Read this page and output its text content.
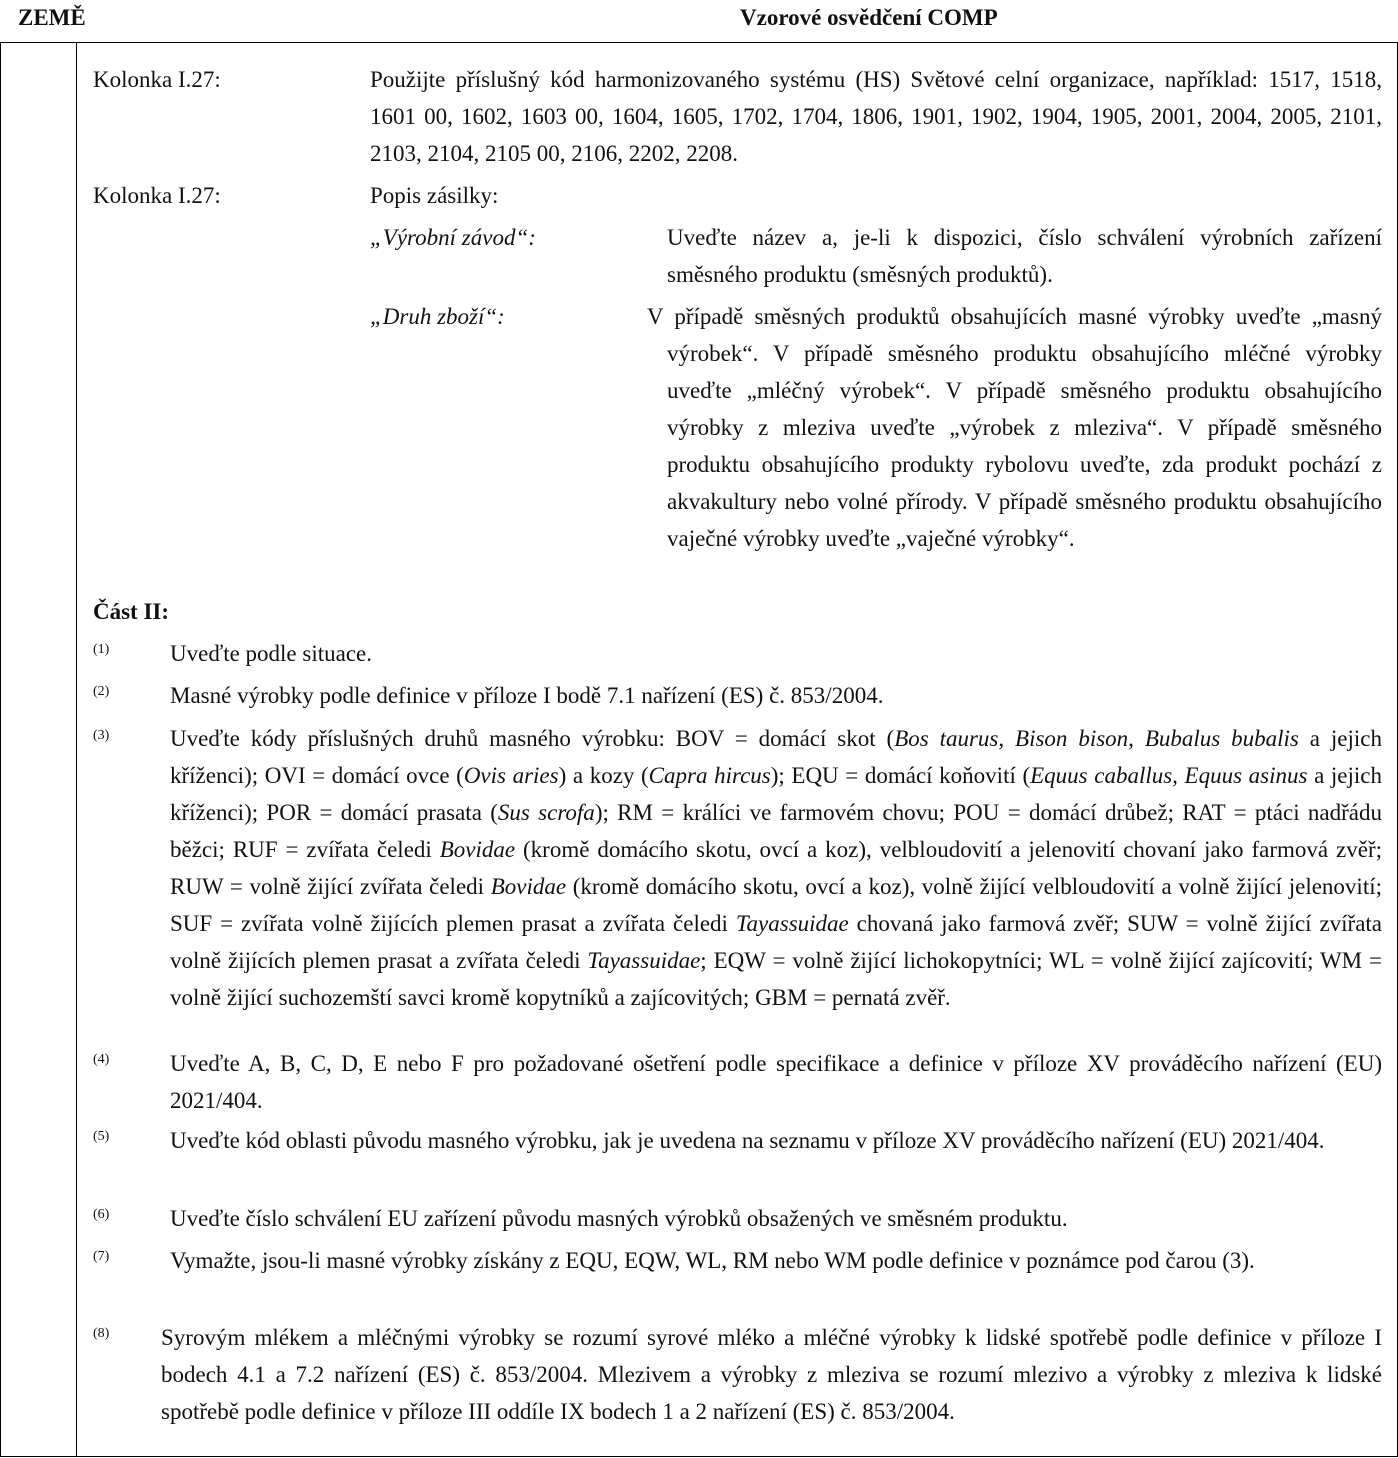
ZEMĚ	Vzorové osvědčení COMP
Kolonka I.27:	Použijte příslušný kód harmonizovaného systému (HS) Světové celní organizace, například: 1517, 1518, 1601 00, 1602, 1603 00, 1604, 1605, 1702, 1704, 1806, 1901, 1902, 1904, 1905, 2001, 2004, 2005, 2101, 2103, 2104, 2105 00, 2106, 2202, 2208.
Kolonka I.27:	Popis zásilky:
„Výrobní závod“:	Uveďte název a, je-li k dispozici, číslo schválení výrobních zařízení směsného produktu (směsných produktů).
„Druh zboží“:	V případě směsných produktů obsahujících masné výrobky uveďte „masný výrobek“. V případě směsného produktu obsahujícího mléčné výrobky uveďte „mléčný výrobek“. V případě směsného produktu obsahujícího výrobky z mleziva uveďte „výrobek z mleziva“. V případě směsného produktu obsahujícího produkty rybolovu uveďte, zda produkt pochází z akvakultury nebo volné přírody. V případě směsného produktu obsahujícího vaječné výrobky uveďte „vaječné výrobky“.
Část II:
(1)	Uveďte podle situace.
(2)	Masné výrobky podle definice v příloze I bodě 7.1 nařízení (ES) č. 853/2004.
(3)	Uveďte kódy příslušných druhů masného výrobku: BOV = domácí skot (Bos taurus, Bison bison, Bubalus bubalis a jejich kříženci); OVI = domácí ovce (Ovis aries) a kozy (Capra hircus); EQU = domácí koňovití (Equus caballus, Equus asinus a jejich kříženci); POR = domácí prasata (Sus scrofa); RM = králíci ve farmovém chovu; POU = domácí drůbež; RAT = ptáci nadřádu běžci; RUF = zvířata čeledi Bovidae (kromě domácího skotu, ovcí a koz), velbloudovití a jelenovití chovaní jako farmová zvěř; RUW = volně žijící zvířata čeledi Bovidae (kromě domácího skotu, ovcí a koz), volně žijící velbloudovití a volně žijící jelenovití; SUF = zvířata volně žijících plemen prasat a zvířata čeledi Tayassuidae chovaná jako farmová zvěř; SUW = volně žijící zvířata volně žijících plemen prasat a zvířata čeledi Tayassuidae; EQW = volně žijící lichokopytníci; WL = volně žijící zajícovití; WM = volně žijící suchozemští savci kromě kopytníků a zajícovitých; GBM = pernatá zvěř.
(4)	Uveďte A, B, C, D, E nebo F pro požadované ošetření podle specifikace a definice v příloze XV prováděcího nařízení (EU) 2021/404.
(5)	Uveďte kód oblasti původu masného výrobku, jak je uvedena na seznamu v příloze XV prováděcího nařízení (EU) 2021/404.
(6)	Uveďte číslo schválení EU zařízení původu masných výrobků obsažených ve směsném produktu.
(7)	Vymažte, jsou-li masné výrobky získány z EQU, EQW, WL, RM nebo WM podle definice v poznámce pod čarou (3).
(8) Syrovým mlékem a mléčnými výrobky se rozumí syrové mléko a mléčné výrobky k lidské spotřebě podle definice v příloze I bodech 4.1 a 7.2 nařízení (ES) č. 853/2004. Mlezivem a výrobky z mleziva se rozumí mlezivo a výrobky z mleziva k lidské spotřebě podle definice v příloze III oddíle IX bodech 1 a 2 nařízení (ES) č. 853/2004.
